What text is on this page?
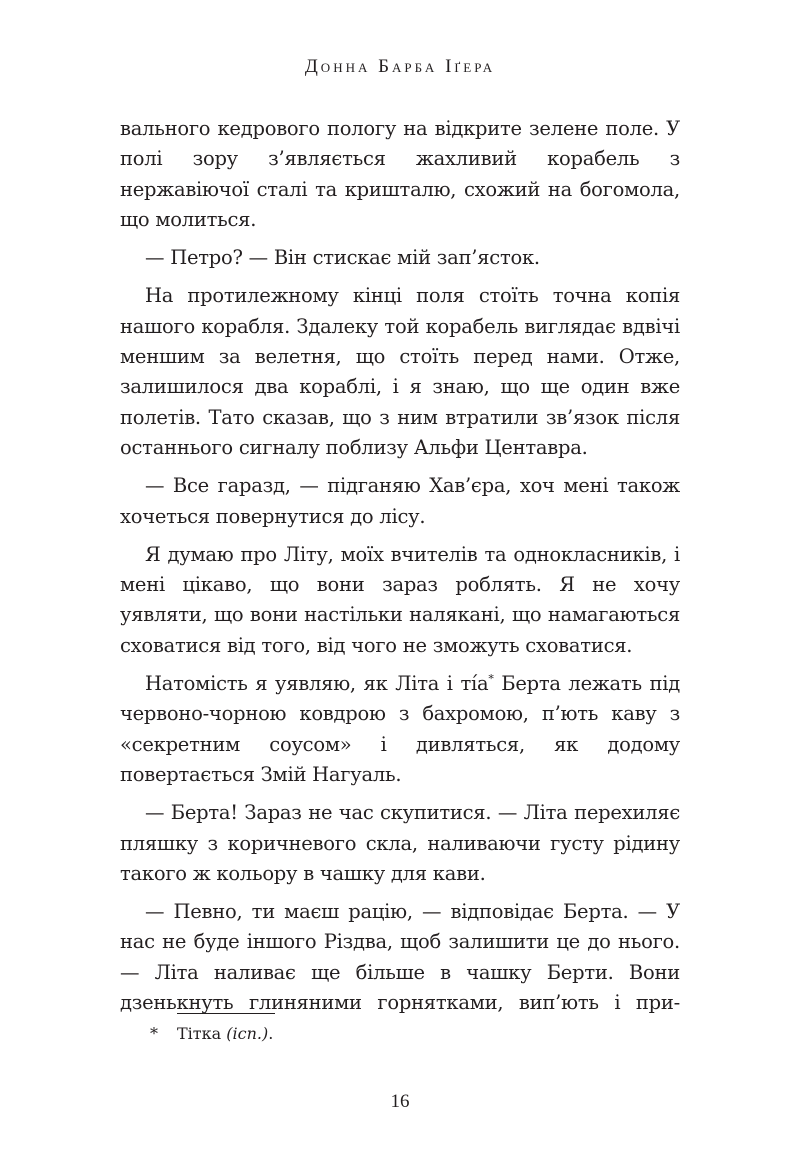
Донна Барба Іґера

вального кедрового пологу на відкрите зелене поле. У полі зору з’являється жахливий корабель з нержавіючої сталі та кришталю, схожий на богомола, що молиться.

— Петро? — Він стискає мій зап’ясток.

На протилежному кінці поля стоїть точна копія нашого корабля. Здалеку той корабель виглядає вдвічі меншим за велетня, що стоїть перед нами. Отже, залишилося два кораблі, і я знаю, що ще один вже полетів. Тато сказав, що з ним втратили зв’язок після останнього сигналу поблизу Альфи Центавра.

— Все гаразд, — підганяю Хав’єра, хоч мені також хочеться повернутися до лісу.

Я думаю про Літу, моїх вчителів та однокласників, і мені цікаво, що вони зараз роблять. Я не хочу уявляти, що вони настільки налякані, що намагаються сховатися від того, від чого не зможуть сховатися.

Натомість я уявляю, як Літа і тía* Берта лежать під червоно-чорною ковдрою з бахромою, п’ють каву з «секретним соусом» і дивляться, як додому повертається Змій Нагуаль.

— Берта! Зараз не час скупитися. — Літа перехиляє пляшку з коричневого скла, наливаючи густу рідину такого ж кольору в чашку для кави.

— Певно, ти маєш рацію, — відповідає Берта. — У нас не буде іншого Різдва, щоб залишити це до нього. — Літа наливає ще більше в чашку Берти. Вони дзенькнуть глиняними горнятками, вип’ють і при-

* Тітка (ісп.).
16
